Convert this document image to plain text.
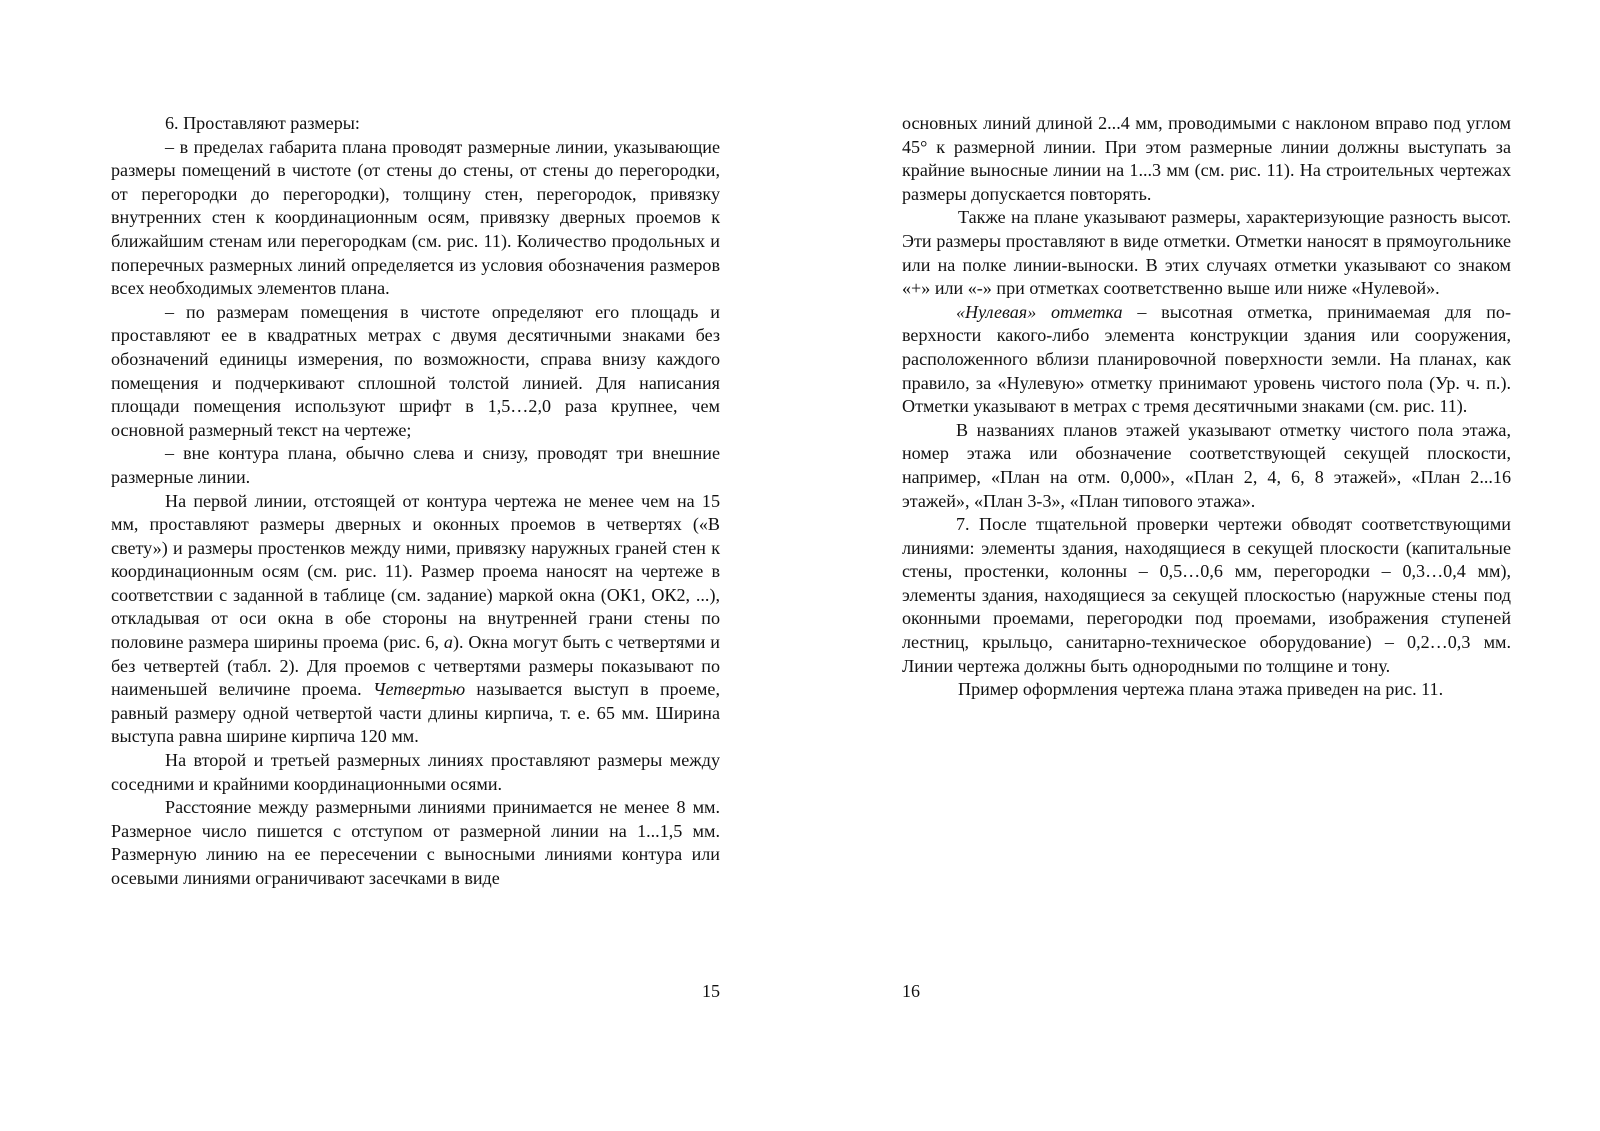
6. Проставляют размеры:

– в пределах габарита плана проводят размерные линии, указывающие размеры помещений в чистоте (от стены до стены, от стены до перегородки, от перегородки до перегородки), толщину стен, перегородок, привязку внутренних стен к координационным осям, привязку дверных проемов к ближайшим стенам или перегородкам (см. рис. 11). Количество продольных и поперечных размерных линий определяется из условия обозначения размеров всех необходимых элементов плана.

– по размерам помещения в чистоте определяют его площадь и проставляют ее в квадратных метрах с двумя десятичными знаками без обозначений единицы измерения, по возможности, справа внизу каждого помещения и подчеркивают сплошной толстой линией. Для написания площади помещения используют шрифт в 1,5…2,0 раза крупнее, чем основной размерный текст на чертеже;

– вне контура плана, обычно слева и снизу, проводят три внешние размерные линии.

На первой линии, отстоящей от контура чертежа не менее чем на 15 мм, проставляют размеры дверных и оконных проемов в четвертях («В свету») и размеры простенков между ними, привязку наружных граней стен к координационным осям (см. рис. 11). Размер проема наносят на чертеже в соответствии с заданной в таблице (см. задание) маркой окна (ОК1, ОК2, ...), откладывая от оси окна в обе стороны на внутренней грани стены по половине размера ширины проема (рис. 6, а). Окна могут быть с четвертями и без четвертей (табл. 2). Для проемов с четвертями размеры показывают по наименьшей величине проема. Четвертью называется выступ в проеме, равный размеру одной четвертой части длины кирпича, т. е. 65 мм. Ширина выступа равна ширине кирпича 120 мм.

На второй и третьей размерных линиях проставляют размеры между соседними и крайними координационными осями.

Расстояние между размерными линиями принимается не менее 8 мм. Размерное число пишется с отступом от размерной линии на 1...1,5 мм. Размерную линию на ее пересечении с выносными линиями контура или осевыми линиями ограничивают засечками в виде

15

основных линий длиной 2...4 мм, проводимыми с наклоном вправо под углом 45° к размерной линии. При этом размерные линии должны выступать за крайние выносные линии на 1...3 мм (см. рис. 11). На строительных чертежах размеры допускается повторять.

Также на плане указывают размеры, характеризующие разность высот. Эти размеры проставляют в виде отметки. Отметки наносят в прямоугольнике или на полке линии-выноски. В этих случаях отметки указывают со знаком «+» или «-» при отметках соответственно выше или ниже «Нулевой».

«Нулевая» отметка – высотная отметка, принимаемая для поверхности какого-либо элемента конструкции здания или сооружения, расположенного вблизи планировочной поверхности земли. На планах, как правило, за «Нулевую» отметку принимают уровень чистого пола (Ур. ч. п.). Отметки указывают в метрах с тремя десятичными знаками (см. рис. 11).

В названиях планов этажей указывают отметку чистого пола этажа, номер этажа или обозначение соответствующей секущей плоскости, например, «План на отм. 0,000», «План 2, 4, 6, 8 этажей», «План 2...16 этажей», «План 3-3», «План типового этажа».

7. После тщательной проверки чертежи обводят соответствующими линиями: элементы здания, находящиеся в секущей плоскости (капитальные стены, простенки, колонны – 0,5…0,6 мм, перегородки – 0,3…0,4 мм), элементы здания, находящиеся за секущей плоскостью (наружные стены под оконными проемами, перегородки под проемами, изображения ступеней лестниц, крыльцо, санитарно-техническое оборудование) – 0,2…0,3 мм. Линии чертежа должны быть однородными по толщине и тону.

Пример оформления чертежа плана этажа приведен на рис. 11.

16
